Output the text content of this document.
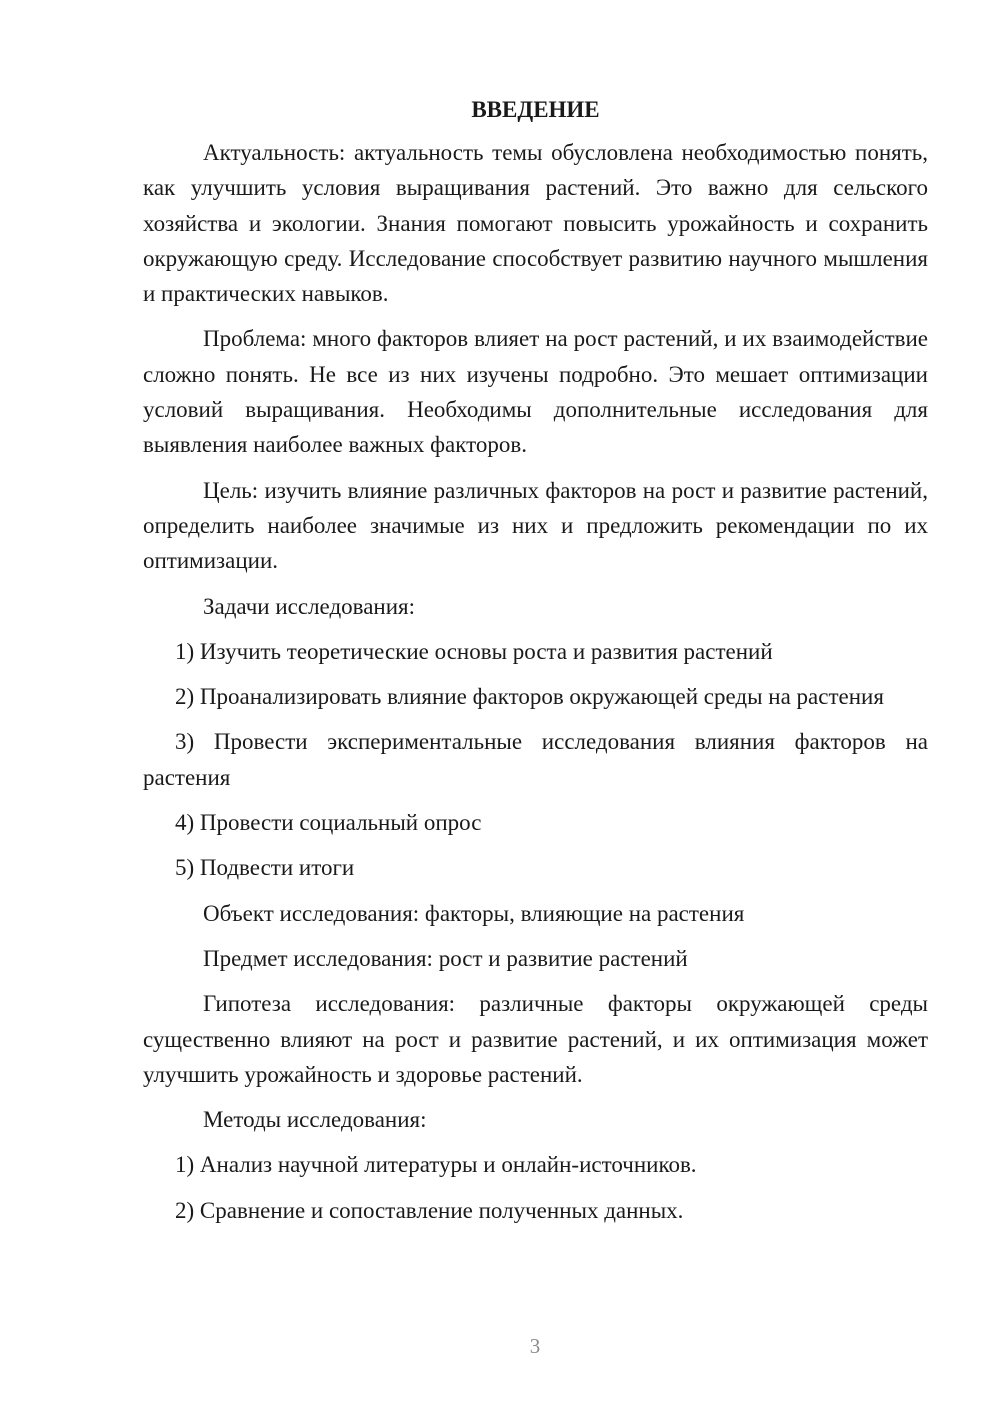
ВВЕДЕНИЕ

Актуальность: актуальность темы обусловлена необходимостью понять, как улучшить условия выращивания растений. Это важно для сельского хозяйства и экологии. Знания помогают повысить урожайность и сохранить окружающую среду. Исследование способствует развитию научного мышления и практических навыков.

Проблема: много факторов влияет на рост растений, и их взаимодействие сложно понять. Не все из них изучены подробно. Это мешает оптимизации условий выращивания. Необходимы дополнительные исследования для выявления наиболее важных факторов.

Цель: изучить влияние различных факторов на рост и развитие растений, определить наиболее значимые из них и предложить рекомендации по их оптимизации.

Задачи исследования:

1) Изучить теоретические основы роста и развития растений

2) Проанализировать влияние факторов окружающей среды на растения

3) Провести экспериментальные исследования влияния факторов на растения

4) Провести социальный опрос

5) Подвести итоги

Объект исследования: факторы, влияющие на растения

Предмет исследования: рост и развитие растений

Гипотеза исследования: различные факторы окружающей среды существенно влияют на рост и развитие растений, и их оптимизация может улучшить урожайность и здоровье растений.

Методы исследования:

1) Анализ научной литературы и онлайн-источников.

2) Сравнение и сопоставление полученных данных.

3
